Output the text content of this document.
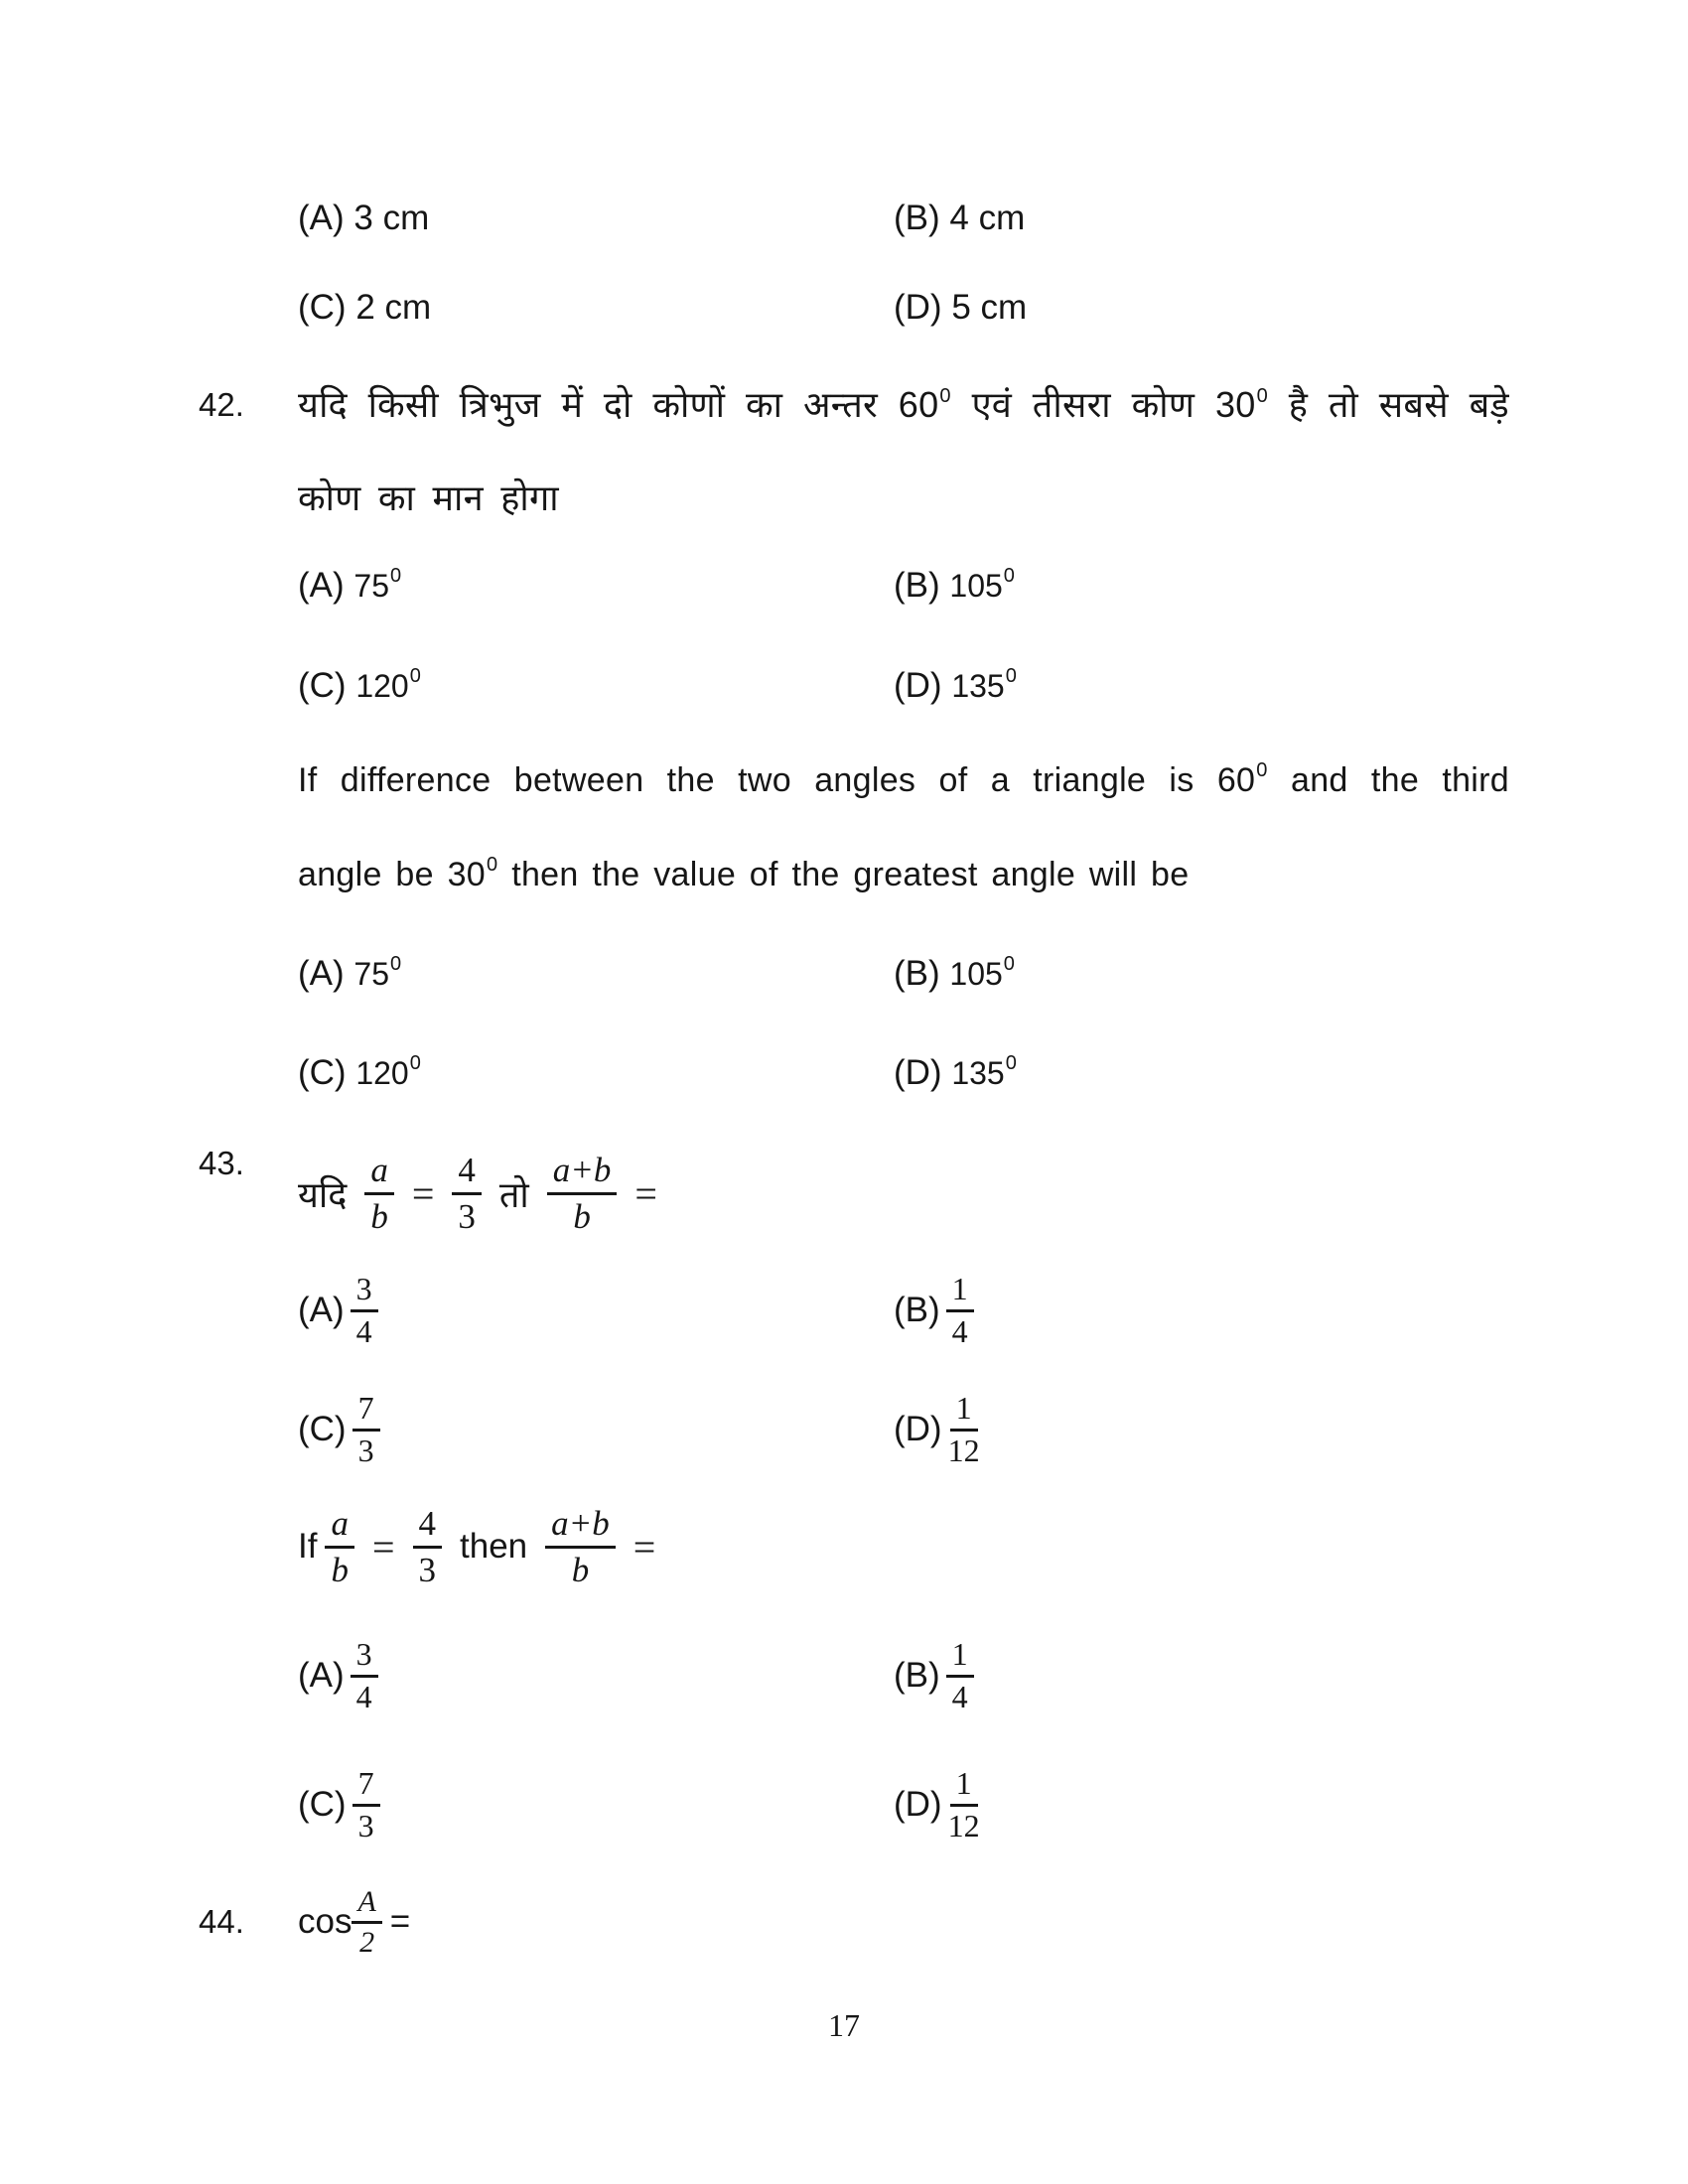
(A) 3 cm	(B) 4 cm
(C) 2 cm	(D) 5 cm
42.	यदि किसी त्रिभुज में दो कोणों का अन्तर 600 एवं तीसरा कोण 300 है तो सबसे बड़े
कोण का मान होगा
(A) 750	(B) 1050
(C) 1200	(D) 1350
If difference between the two angles of a triangle is 600 and the third
angle be 300 then the value of the greatest angle will be
(A) 750	(B) 1050
(C) 1200	(D) 1350
43.
यदि $\frac{a}{b} = \frac{4}{3}$ तो $\frac{a+b}{b}$ =
$(A) \frac{3}{4}$	$(B) \frac{1}{4}$
$(C) \frac{7}{3}$	$(D) \frac{1}{12}$
If $\frac{a}{b} = \frac{4}{3}$ then $\frac{a+b}{b}$ =
$(A) \frac{3}{4}$	$(B) \frac{1}{4}$
$(C) \frac{7}{3}$	$(D) \frac{1}{12}$
44.	$\cos \frac{A}{2}$ =
17
